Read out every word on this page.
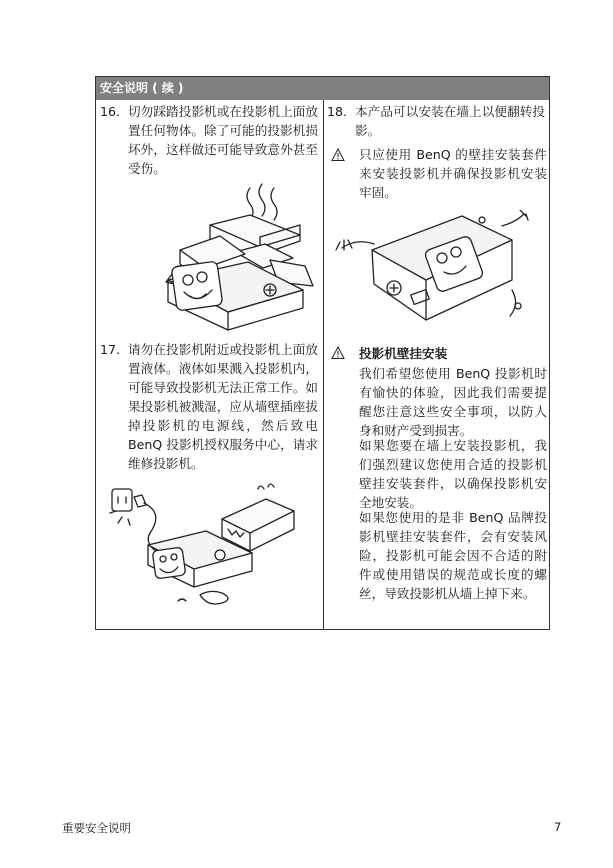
安全说明 ( 续 )
16. 切勿踩踏投影机或在投影机上面放置任何物体。除了可能的投影机损坏外，这样做还可能导致意外甚至受伤。
17. 请勿在投影机附近或投影机上面放置液体。液体如果溅入投影机内，可能导致投影机无法正常工作。如果投影机被溅湿，应从墙壁插座拔掉投影机的电源线，然后致电 BenQ 投影机授权服务中心，请求维修投影机。
18. 本产品可以安装在墙上以便翻转投影。
只应使用 BenQ 的壁挂安装套件来安装投影机并确保投影机安装牢固。
投影机壁挂安装
我们希望您使用 BenQ 投影机时有愉快的体验，因此我们需要提醒您注意这些安全事项，以防人身和财产受到损害。
如果您要在墙上安装投影机，我们强烈建议您使用合适的投影机壁挂安装套件，以确保投影机安全地安装。
如果您使用的是非 BenQ 品牌投影机壁挂安装套件，会有安装风险，投影机可能会因不合适的附件或使用错误的规范或长度的螺丝，导致投影机从墙上掉下来。
重要安全说明	7
